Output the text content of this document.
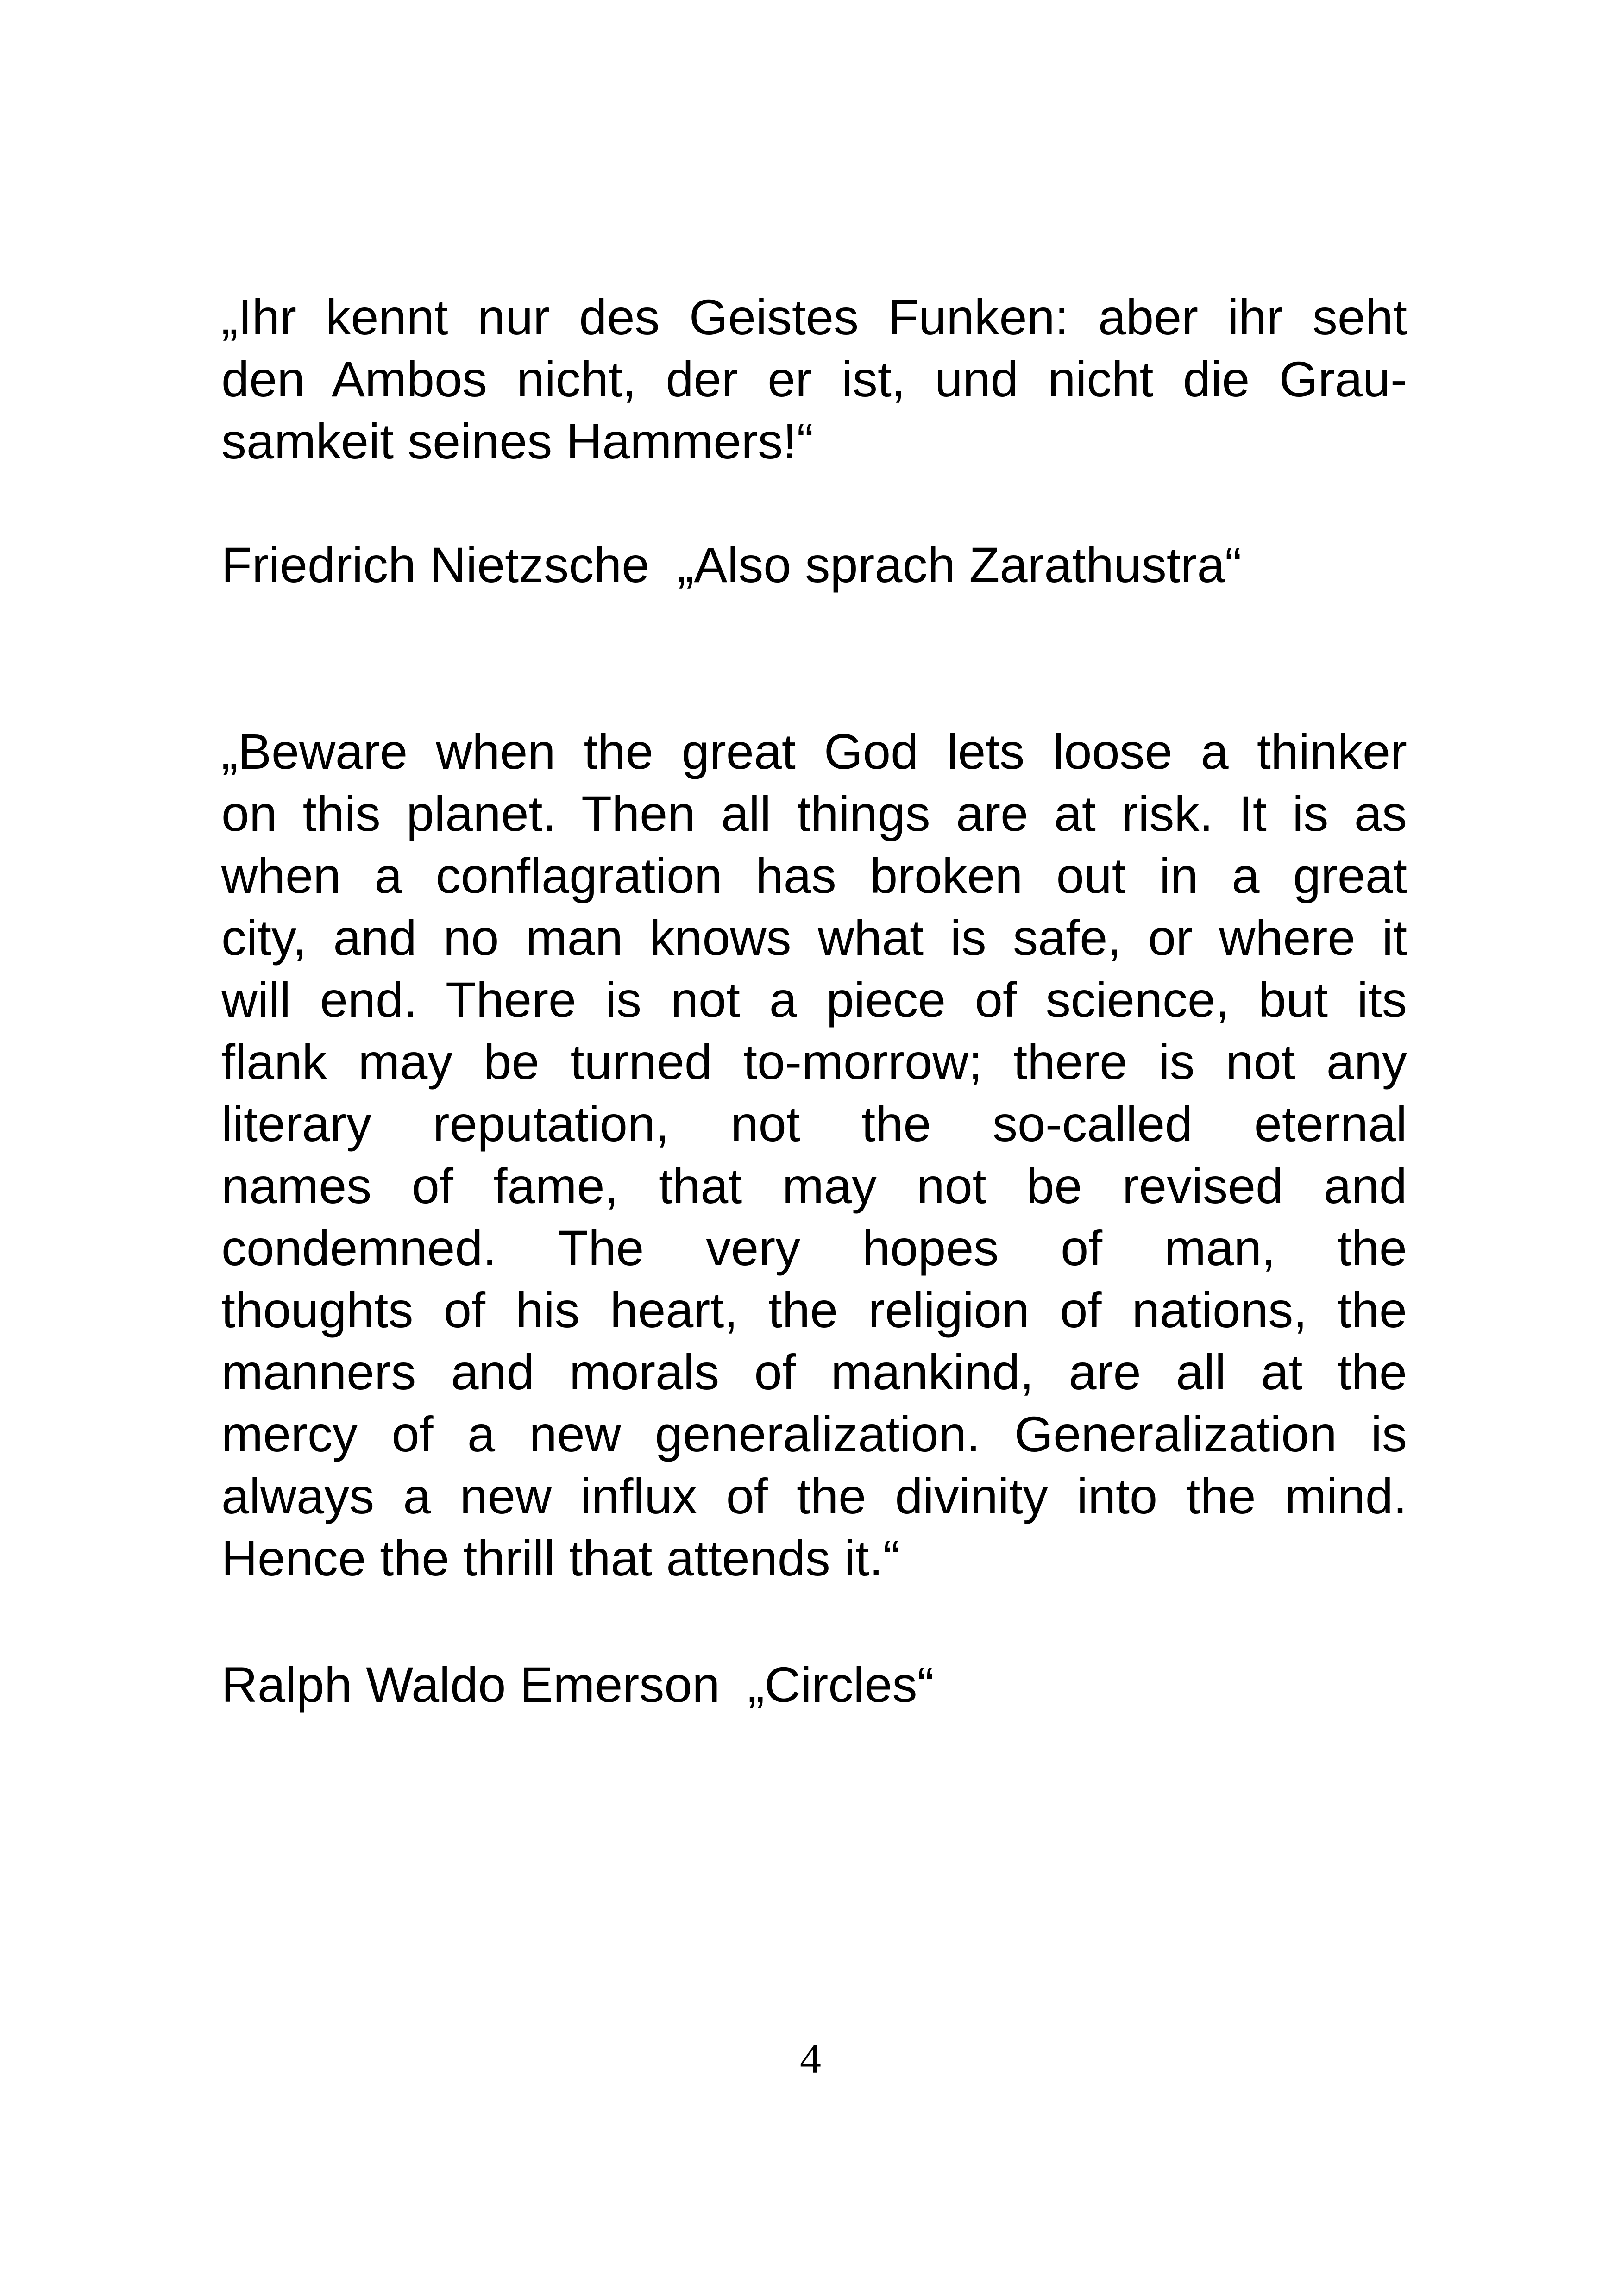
„Ihr kennt nur des Geistes Funken: aber ihr seht
den Ambos nicht, der er ist, und nicht die Grau-
samkeit seines Hammers!“

Friedrich Nietzsche  „Also sprach Zarathustra“

„Beware when the great God lets loose a thinker
on this planet. Then all things are at risk. It is as
when a conflagration has broken out in a great
city, and no man knows what is safe, or where it
will end. There is not a piece of science, but its
flank may be turned to-morrow; there is not any
literary reputation, not the so-called eternal
names of fame, that may not be revised and
condemned. The very hopes of man, the
thoughts of his heart, the religion of nations, the
manners and morals of mankind, are all at the
mercy of a new generalization. Generalization is
always a new influx of the divinity into the mind.
Hence the thrill that attends it.“

Ralph Waldo Emerson  „Circles“

4
